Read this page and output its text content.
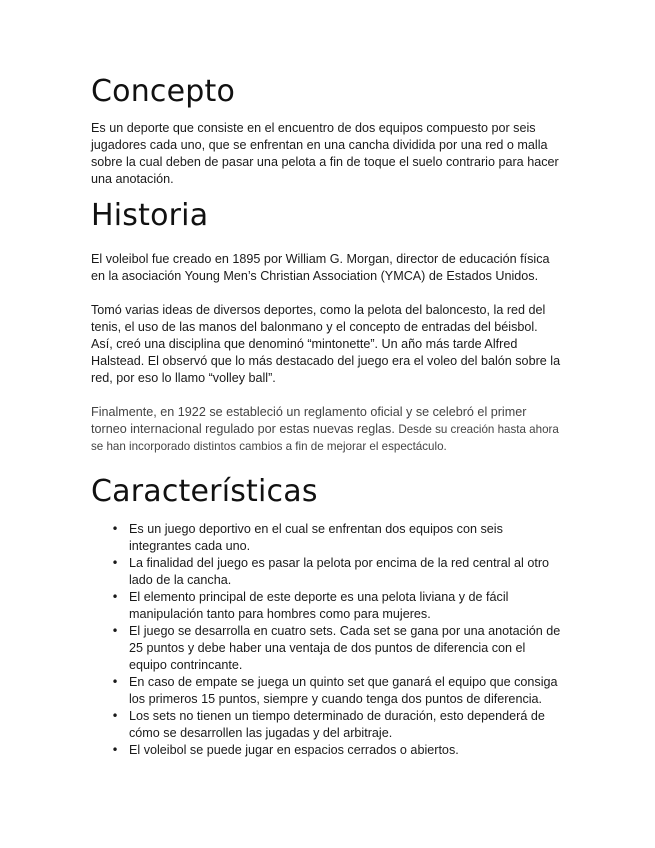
Concepto

Es un deporte que consiste en el encuentro de dos equipos compuesto por seis jugadores cada uno, que se enfrentan en una cancha dividida por una red o malla sobre la cual deben de pasar una pelota a fin de toque el suelo contrario para hacer una anotación.

Historia

El voleibol fue creado en 1895 por William G. Morgan, director de educación física en la asociación Young Men’s Christian Association (YMCA) de Estados Unidos.

Tomó varias ideas de diversos deportes, como la pelota del baloncesto, la red del tenis, el uso de las manos del balonmano y el concepto de entradas del béisbol. Así, creó una disciplina que denominó “mintonette”. Un año más tarde Alfred Halstead. El observó que lo más destacado del juego era el voleo del balón sobre la red, por eso lo llamo “volley ball”.

Finalmente, en 1922 se estableció un reglamento oficial y se celebró el primer torneo internacional regulado por estas nuevas reglas. Desde su creación hasta ahora se han incorporado distintos cambios a fin de mejorar el espectáculo.

Características
• Es un juego deportivo en el cual se enfrentan dos equipos con seis integrantes cada uno.
• La finalidad del juego es pasar la pelota por encima de la red central al otro lado de la cancha.
• El elemento principal de este deporte es una pelota liviana y de fácil manipulación tanto para hombres como para mujeres.
• El juego se desarrolla en cuatro sets. Cada set se gana por una anotación de 25 puntos y debe haber una ventaja de dos puntos de diferencia con el equipo contrincante.
• En caso de empate se juega un quinto set que ganará el equipo que consiga los primeros 15 puntos, siempre y cuando tenga dos puntos de diferencia.
• Los sets no tienen un tiempo determinado de duración, esto dependerá de cómo se desarrollen las jugadas y del arbitraje.
• El voleibol se puede jugar en espacios cerrados o abiertos.
